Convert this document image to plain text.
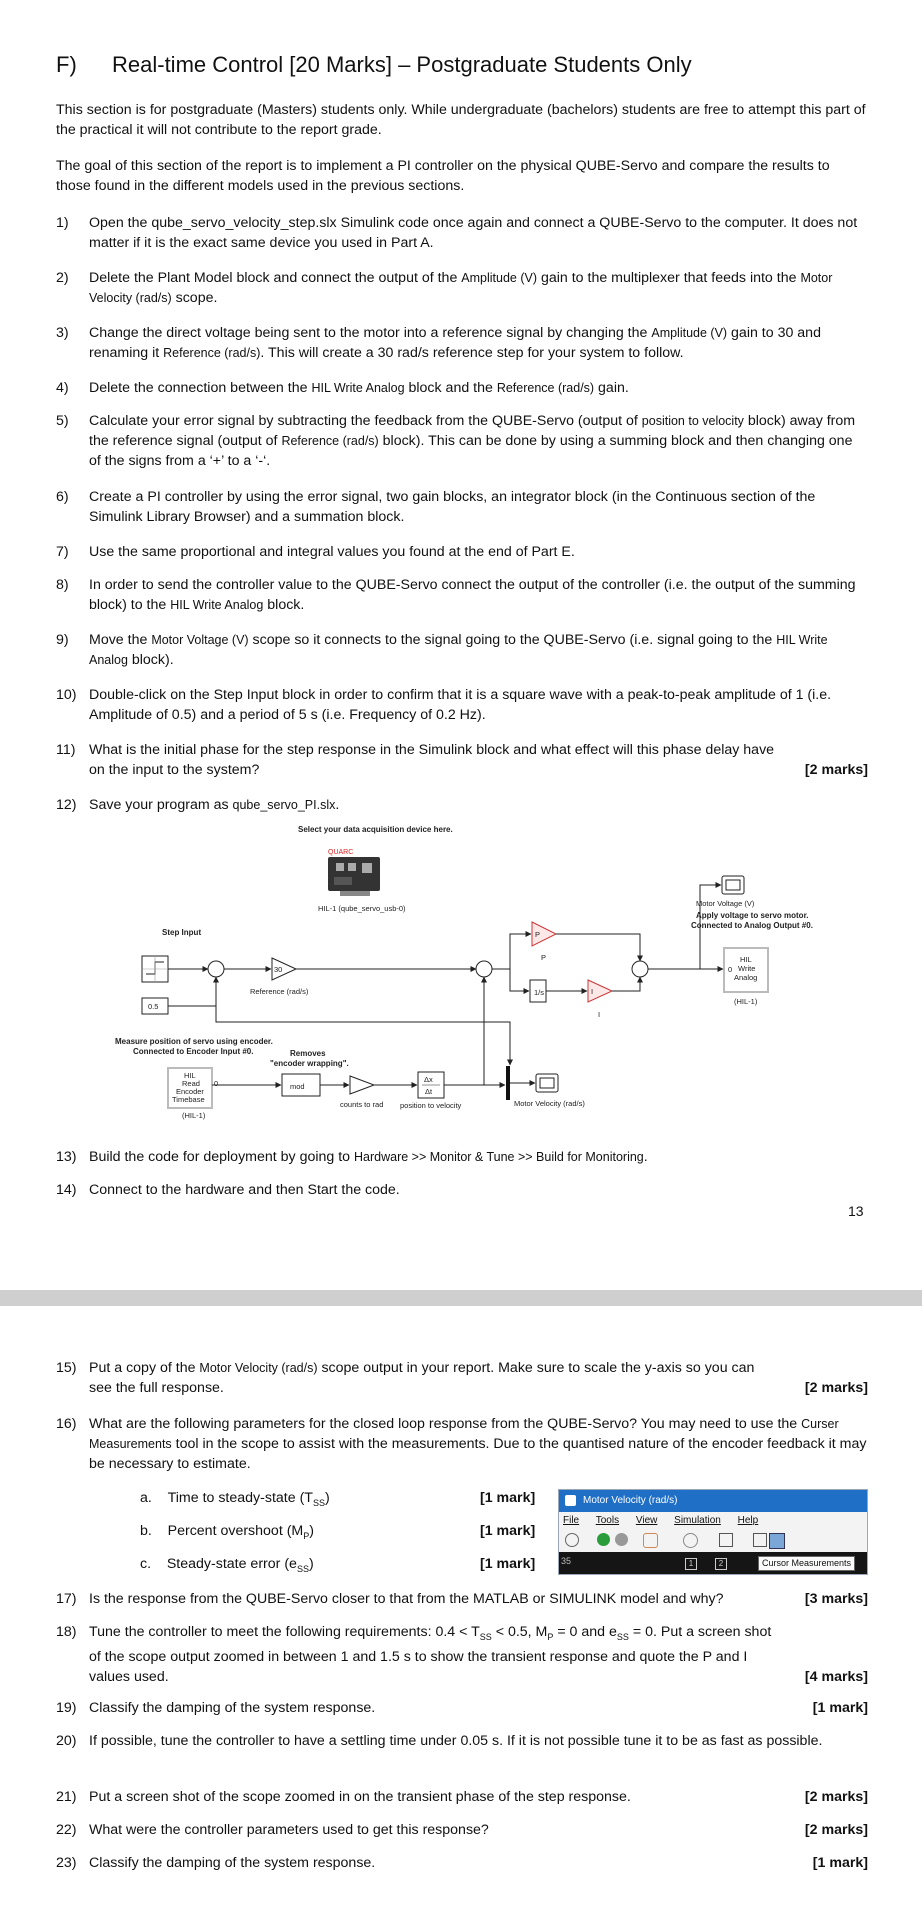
F) Real-time Control [20 Marks] – Postgraduate Students Only
This section is for postgraduate (Masters) students only. While undergraduate (bachelors) students are free to attempt this part of the practical it will not contribute to the report grade.
The goal of this section of the report is to implement a PI controller on the physical QUBE-Servo and compare the results to those found in the different models used in the previous sections.
1) Open the qube_servo_velocity_step.slx Simulink code once again and connect a QUBE-Servo to the computer. It does not matter if it is the exact same device you used in Part A.
2) Delete the Plant Model block and connect the output of the Amplitude (V) gain to the multiplexer that feeds into the Motor Velocity (rad/s) scope.
3) Change the direct voltage being sent to the motor into a reference signal by changing the Amplitude (V) gain to 30 and renaming it Reference (rad/s). This will create a 30 rad/s reference step for your system to follow.
4) Delete the connection between the HIL Write Analog block and the Reference (rad/s) gain.
5) Calculate your error signal by subtracting the feedback from the QUBE-Servo (output of position to velocity block) away from the reference signal (output of Reference (rad/s) block). This can be done by using a summing block and then changing one of the signs from a ‘+’ to a ‘-‘.
6) Create a PI controller by using the error signal, two gain blocks, an integrator block (in the Continuous section of the Simulink Library Browser) and a summation block.
7) Use the same proportional and integral values you found at the end of Part E.
8) In order to send the controller value to the QUBE-Servo connect the output of the controller (i.e. the output of the summing block) to the HIL Write Analog block.
9) Move the Motor Voltage (V) scope so it connects to the signal going to the QUBE-Servo (i.e. signal going to the HIL Write Analog block).
10) Double-click on the Step Input block in order to confirm that it is a square wave with a peak-to-peak amplitude of 1 (i.e. Amplitude of 0.5) and a period of 5 s (i.e. Frequency of 0.2 Hz).
11) What is the initial phase for the step response in the Simulink block and what effect will this phase delay have on the input to the system?	[2 marks]
12) Save your program as qube_servo_PI.slx.
Select your data acquisition device here.
QUARC
HIL-1 (qube_servo_usb-0)
Step Input
0.5
30
Reference (rad/s)
P
P
1/s	I
I
Motor Voltage (V)
Apply voltage to servo motor.
Connected to Analog Output #0.
HIL
Write
Analog
0
(HIL-1)
Measure position of servo using encoder.
Connected to Encoder Input #0.	Removes
"encoder wrapping".
HIL
Read
Encoder
Timebase
0
(HIL-1)
mod
counts to rad
Δx
Δt
position to velocity	Motor Velocity (rad/s)
13) Build the code for deployment by going to Hardware >> Monitor & Tune >> Build for Monitoring.
14) Connect to the hardware and then Start the code.
13
15) Put a copy of the Motor Velocity (rad/s) scope output in your report. Make sure to scale the y-axis so you can see the full response.	[2 marks]
16) What are the following parameters for the closed loop response from the QUBE-Servo? You may need to use the Curser Measurements tool in the scope to assist with the measurements. Due to the quantised nature of the encoder feedback it may be necessary to estimate.
a. Time to steady-state $(T_{SS})$	[1 mark]
b. Percent overshoot $(M_P)$	[1 mark]
c. Steady-state error $(e_{SS})$	[1 mark]
17) Is the response from the QUBE-Servo closer to that from the MATLAB or SIMULINK model and why?	[3 marks]
18) Tune the controller to meet the following requirements: $0.4 < T_{SS} < 0.5$, $M_P = 0$ and $e_{SS} = 0$. Put a screen shot of the scope output zoomed in between 1 and 1.5 s to show the transient response and quote the P and I values used.	[4 marks]
19) Classify the damping of the system response.	[1 mark]
20) If possible, tune the controller to have a settling time under 0.05 s. If it is not possible tune it to be as fast as possible.
21) Put a screen shot of the scope zoomed in on the transient phase of the step response.	[2 marks]
22) What were the controller parameters used to get this response?	[2 marks]
23) Classify the damping of the system response.	[1 mark]
Motor Velocity (rad/s)
File Tools View Simulation Help
35	1	2	Cursor Measurements
